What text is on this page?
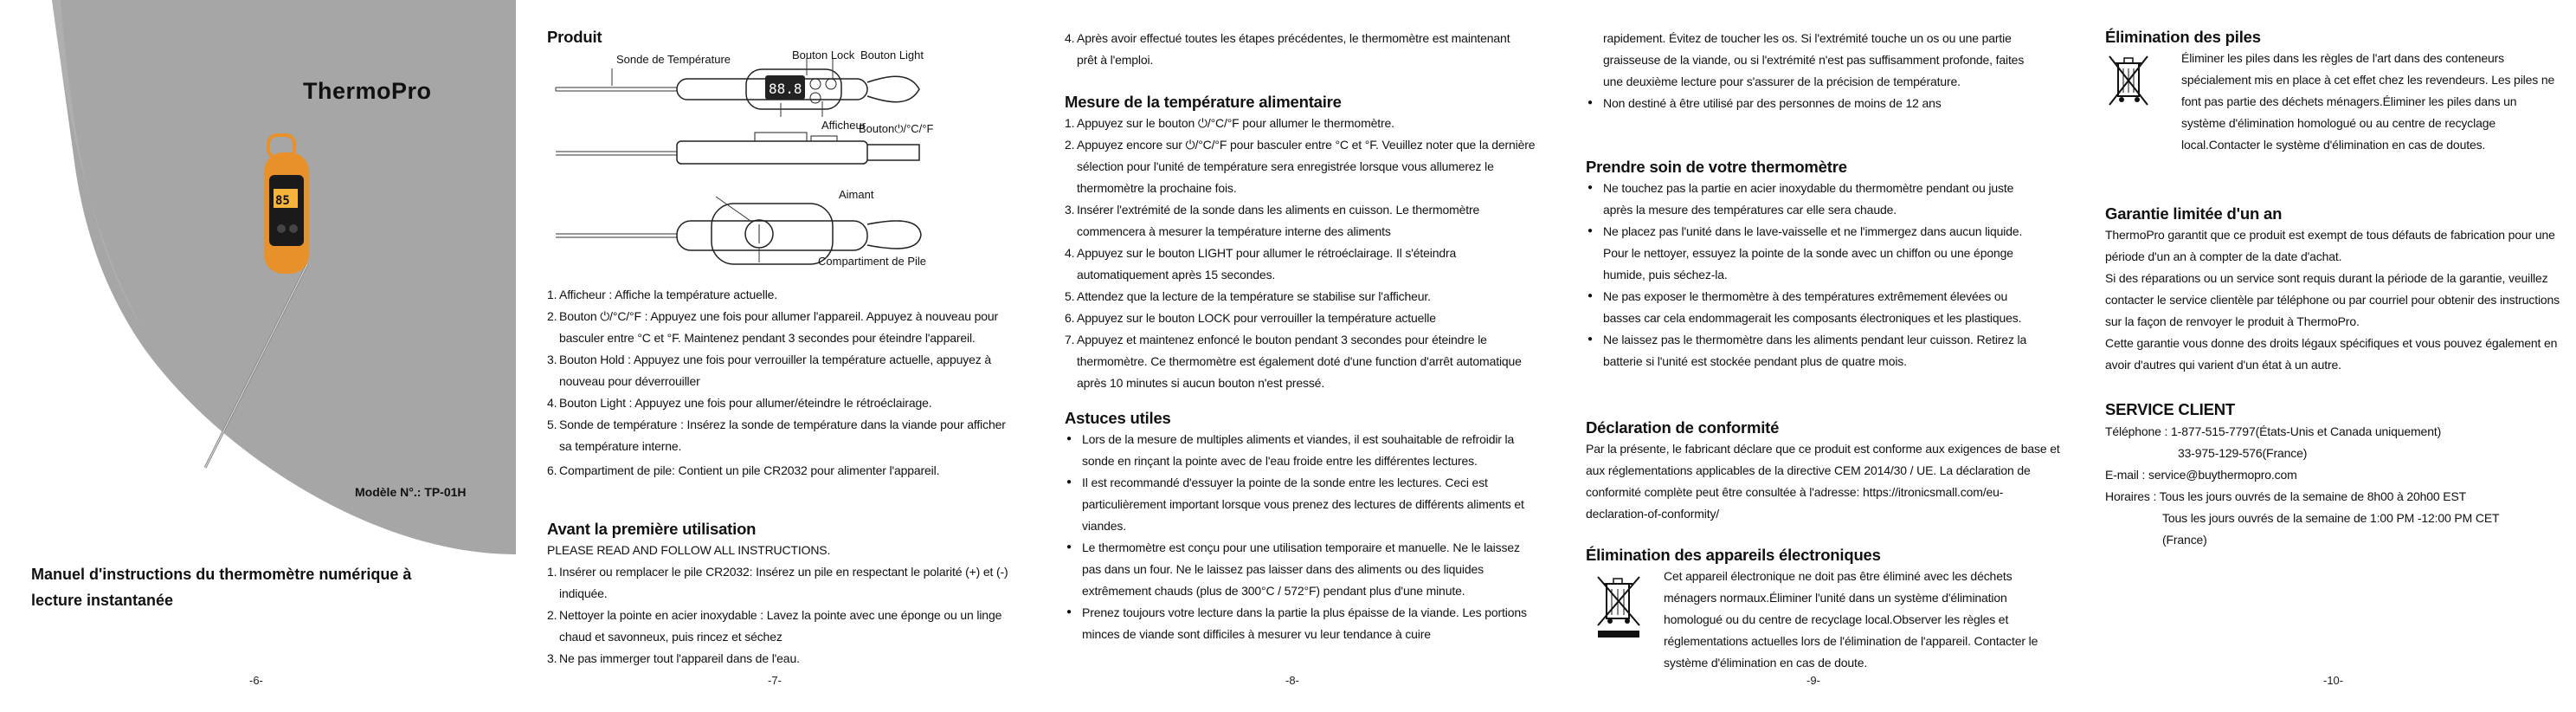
ThermoPro
85
Modèle N°.: TP-01H
Manuel d'instructions du thermomètre numérique à
lecture instantanée
-6-
Produit
88.8
Sonde de Température	Bouton Lock Bouton Light
Afficheur
Bouton⏻/°C/°F
Aimant
Compartiment de Pile
1. Afficheur : Affiche la température actuelle.
2. Bouton ⏻/°C/°F : Appuyez une fois pour allumer l'appareil. Appuyez à nouveau pour basculer entre °C et °F. Maintenez pendant 3 secondes pour éteindre l'appareil.
3. Bouton Hold : Appuyez une fois pour verrouiller la température actuelle, appuyez à nouveau pour déverrouiller
4. Bouton Light : Appuyez une fois pour allumer/éteindre le rétroéclairage.
5. Sonde de température : Insérez la sonde de température dans la viande pour afficher sa température interne.
6. Compartiment de pile: Contient un pile CR2032 pour alimenter l'appareil.
Avant la première utilisation

PLEASE READ AND FOLLOW ALL INSTRUCTIONS.

1. Insérer ou remplacer le pile CR2032: Insérez un pile en respectant le polarité (+) et (-) indiquée.
2. Nettoyer la pointe en acier inoxydable : Lavez la pointe avec une éponge ou un linge chaud et savonneux, puis rincez et séchez
3. Ne pas immerger tout l'appareil dans de l'eau.
-7-
4. Après avoir effectué toutes les étapes précédentes, le thermomètre est maintenant prêt à l'emploi.
Mesure de la température alimentaire
1. Appuyez sur le bouton ⏻/°C/°F pour allumer le thermomètre.
2. Appuyez encore sur ⏻/°C/°F pour basculer entre °C et °F. Veuillez noter que la dernière sélection pour l'unité de température sera enregistrée lorsque vous allumerez le thermomètre la prochaine fois.
3. Insérer l'extrémité de la sonde dans les aliments en cuisson. Le thermomètre commencera à mesurer la température interne des aliments
4. Appuyez sur le bouton LIGHT pour allumer le rétroéclairage. Il s'éteindra automatiquement après 15 secondes.
5. Attendez que la lecture de la température se stabilise sur l'afficheur.
6. Appuyez sur le bouton LOCK pour verrouiller la température actuelle
7. Appuyez et maintenez enfoncé le bouton pendant 3 secondes pour éteindre le thermomètre. Ce thermomètre est également doté d'une function d'arrêt automatique après 10 minutes si aucun bouton n'est pressé.
Astuces utiles
● Lors de la mesure de multiples aliments et viandes, il est souhaitable de refroidir la sonde en rinçant la pointe avec de l'eau froide entre les différentes lectures.
● Il est recommandé d'essuyer la pointe de la sonde entre les lectures. Ceci est particulièrement important lorsque vous prenez des lectures de différents aliments et viandes.
● Le thermomètre est conçu pour une utilisation temporaire et manuelle. Ne le laissez pas dans un four. Ne le laissez pas laisser dans des aliments ou des liquides extrêmement chauds (plus de 300°C / 572°F) pendant plus d'une minute.
● Prenez toujours votre lecture dans la partie la plus épaisse de la viande. Les portions minces de viande sont difficiles à mesurer vu leur tendance à cuire
-8-

rapidement. Évitez de toucher les os. Si l'extrémité touche un os ou une partie graisseuse de la viande, ou si l'extrémité n'est pas suffisamment profonde, faites une deuxième lecture pour s'assurer de la précision de température.

● Non destiné à être utilisé par des personnes de moins de 12 ans
Prendre soin de votre thermomètre
● Ne touchez pas la partie en acier inoxydable du thermomètre pendant ou juste après la mesure des températures car elle sera chaude.
● Ne placez pas l'unité dans le lave-vaisselle et ne l'immergez dans aucun liquide. Pour le nettoyer, essuyez la pointe de la sonde avec un chiffon ou une éponge humide, puis séchez-la.
● Ne pas exposer le thermomètre à des températures extrêmement élevées ou basses car cela endommagerait les composants électroniques et les plastiques.
● Ne laissez pas le thermomètre dans les aliments pendant leur cuisson. Retirez la batterie si l'unité est stockée pendant plus de quatre mois.
Déclaration de conformité

Par la présente, le fabricant déclare que ce produit est conforme aux exigences de base et aux réglementations applicables de la directive CEM 2014/30 / UE. La déclaration de conformité complète peut être consultée à l'adresse: https://itronicsmall.com/eu-declaration-of-conformity/

Élimination des appareils électroniques

Cet appareil électronique ne doit pas être éliminé avec les déchets ménagers normaux.Éliminer l'unité dans un système d'élimination homologué ou du centre de recyclage local.Observer les règles et réglementations actuelles lors de l'élimination de l'appareil. Contacter le système d'élimination en cas de doute.

-9-
Élimination des piles

Éliminer les piles dans les règles de l'art dans des conteneurs spécialement mis en place à cet effet chez les revendeurs. Les piles ne font pas partie des déchets ménagers.Éliminer les piles dans un système d'élimination homologué ou au centre de recyclage local.Contacter le système d'élimination en cas de doutes.

Garantie limitée d'un an

ThermoPro garantit que ce produit est exempt de tous défauts de fabrication pour une période d'un an à compter de la date d'achat.

Si des réparations ou un service sont requis durant la période de la garantie, veuillez contacter le service clientèle par téléphone ou par courriel pour obtenir des instructions sur la façon de renvoyer le produit à ThermoPro.

Cette garantie vous donne des droits légaux spécifiques et vous pouvez également en avoir d'autres qui varient d'un état à un autre.

SERVICE CLIENT
Téléphone : 1-877-515-7797(États-Unis et Canada uniquement)
33-975-129-576(France)
E-mail : service@buythermopro.com
Horaires : Tous les jours ouvrés de la semaine de 8h00 à 20h00 EST
Tous les jours ouvrés de la semaine de 1:00 PM -12:00 PM CET
(France)
-10-
